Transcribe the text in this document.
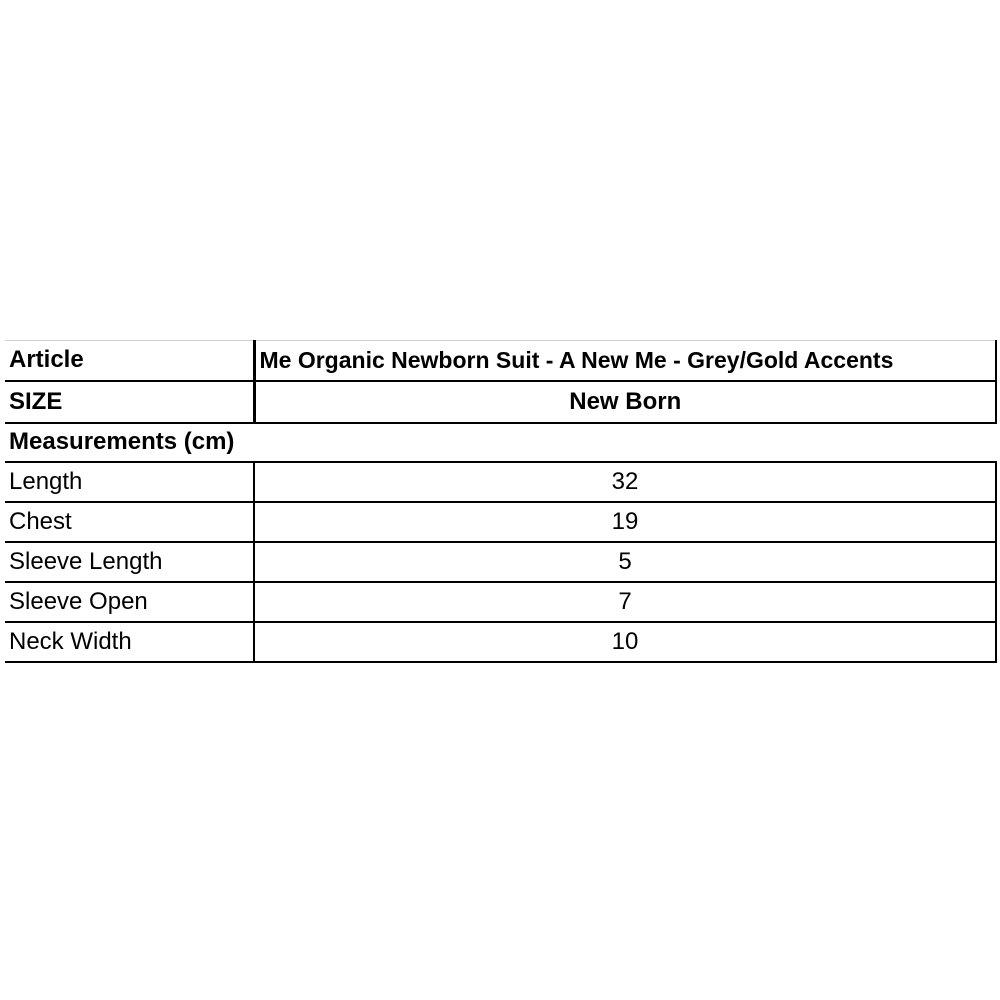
Article	Me Organic Newborn Suit - A New Me - Grey/Gold Accents
SIZE	New Born
Measurements (cm)	
Length	32
Chest	19
Sleeve Length	5
Sleeve Open	7
Neck Width	10
